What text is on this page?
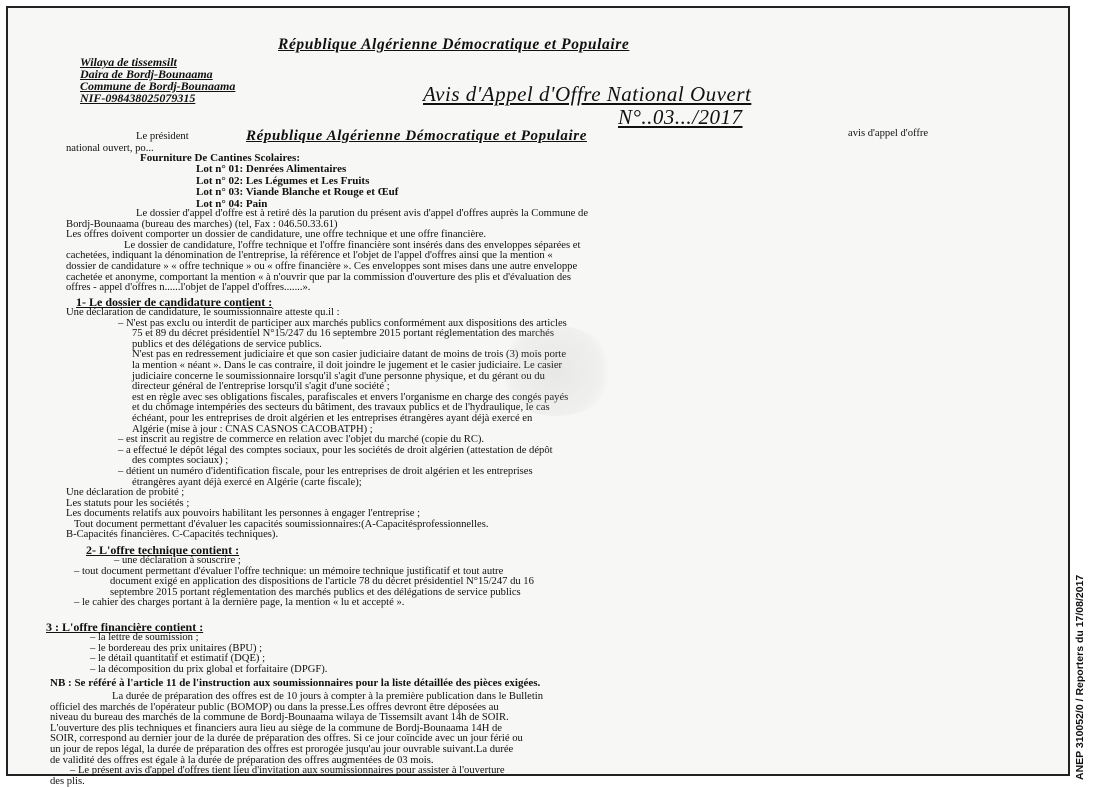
République Algérienne Démocratique et Populaire
Wilaya de tissemsilt
Daira de Bordj-Bounaama
Commune de Bordj-Bounaama
NIF-098438025079315	Avis d'Appel d'Offre National Ouvert
N°..03.../2017
Le président	avis d'appel d'offre
national ouvert, po...
République Algérienne Démocratique et Populaire
Fourniture De Cantines Scolaires:
Lot n° 01: Denrées Alimentaires
Lot n° 02: Les Légumes et Les Fruits
Lot n° 03: Viande Blanche et Rouge et Œuf
Lot n° 04: Pain
Le dossier d'appel d'offre est à retiré dès la parution du présent avis d'appel d'offres auprès la Commune de
Bordj-Bounaama (bureau des marches) (tel, Fax : 046.50.33.61)
Les offres doivent comporter un dossier de candidature, une offre technique et une offre financière.
Le dossier de candidature, l'offre technique et l'offre financière sont insérés dans des enveloppes séparées et
cachetées, indiquant la dénomination de l'entreprise, la référence et l'objet de l'appel d'offres ainsi que la mention «
dossier de candidature » « offre technique » ou « offre financière ». Ces enveloppes sont mises dans une autre enveloppe
cachetée et anonyme, comportant la mention « à n'ouvrir que par la commission d'ouverture des plis et d'évaluation des
offres - appel d'offres n......l'objet de l'appel d'offres.......».
1- Le dossier de candidature contient :
Une déclaration de candidature, le soumissionnaire atteste qu.il :
– N'est pas exclu ou interdit de participer aux marchés publics conformément aux dispositions des articles
75 et 89 du décret présidentiel N°15/247 du 16 septembre 2015 portant réglementation des marchés
publics et des délégations de service publics.
N'est pas en redressement judiciaire et que son casier judiciaire datant de moins de trois (3) mois porte
la mention « néant ». Dans le cas contraire, il doit joindre le jugement et le casier judiciaire. Le casier
judiciaire concerne le soumissionnaire lorsqu'il s'agit d'une personne physique, et du gérant ou du
directeur général de l'entreprise lorsqu'il s'agit d'une société ;
est en règle avec ses obligations fiscales, parafiscales et envers l'organisme en charge des congés payés
et du chômage intempéries des secteurs du bâtiment, des travaux publics et de l'hydraulique, le cas
échéant, pour les entreprises de droit algérien et les entreprises étrangères ayant déjà exercé en
Algérie (mise à jour : CNAS CASNOS CACOBATPH) ;
– est inscrit au registre de commerce en relation avec l'objet du marché (copie du RC).
– a effectué le dépôt légal des comptes sociaux, pour les sociétés de droit algérien (attestation de dépôt
des comptes sociaux) ;
– détient un numéro d'identification fiscale, pour les entreprises de droit algérien et les entreprises
étrangères ayant déjà exercé en Algérie (carte fiscale);
Une déclaration de probité ;
Les statuts pour les sociétés ;
Les documents relatifs aux pouvoirs habilitant les personnes à engager l'entreprise ;
Tout document permettant d'évaluer les capacités soumissionnaires:(A-Capacitésprofessionnelles.
B-Capacités financières. C-Capacités techniques).
2- L'offre technique contient :
– une déclaration à souscrire ;
– tout document permettant d'évaluer l'offre technique: un mémoire technique justificatif et tout autre
document exigé en application des dispositions de l'article 78 du décret présidentiel N°15/247 du 16
septembre 2015 portant réglementation des marchés publics et des délégations de service publics
– le cahier des charges portant à la dernière page, la mention « lu et accepté ».
3 : L'offre financière contient :
– la lettre de soumission ;
– le bordereau des prix unitaires (BPU) ;
– le détail quantitatif et estimatif (DQE) ;
– la décomposition du prix global et forfaitaire (DPGF).
NB : Se référé à l'article 11 de l'instruction aux soumissionnaires pour la liste détaillée des pièces exigées.
La durée de préparation des offres est de 10 jours à compter à la première publication dans le Bulletin
officiel des marchés de l'opérateur public (BOMOP) ou dans la presse.Les offres devront être déposées au
niveau du bureau des marchés de la commune de Bordj-Bounaama wilaya de Tissemsilt avant 14h de SOIR.
L'ouverture des plis techniques et financiers aura lieu au siège de la commune de Bordj-Bounaama 14H de
SOIR, correspond au dernier jour de la durée de préparation des offres. Si ce jour coïncide avec un jour férié ou
un jour de repos légal, la durée de préparation des offres est prorogée jusqu'au jour ouvrable suivant.La durée
de validité des offres est égale à la durée de préparation des offres augmentées de 03 mois.
– Le présent avis d'appel d'offres tient lieu d'invitation aux soumissionnaires pour assister à l'ouverture
des plis.
ANEP 310052/0 / Reporters du 17/08/2017
